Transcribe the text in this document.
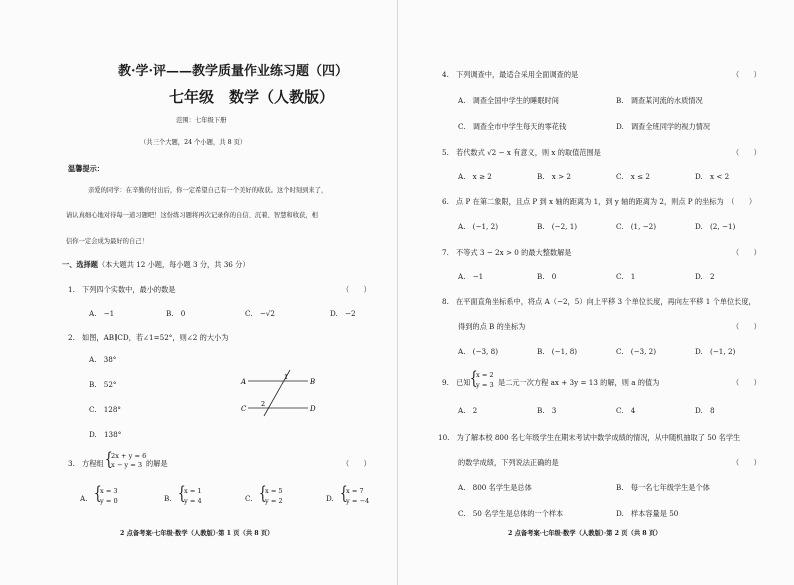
教·学·评——教学质量作业练习题（四）
七年级　数学（人教版）
范围：七年级下册
（共三个大题，24 个小题，共 8 页）
温馨提示：
亲爱的同学：在辛勤的付出后，你一定希望自己有一个美好的收获。这个时刻到来了，
请认真细心地对待每一道习题吧！这份练习题将再次记录你的自信、沉着、智慧和收获，相
信你一定会成为最好的自己！
一、选择题（本大题共 12 小题，每小题 3 分，共 36 分）
1.　下列四个实数中，最小的数是	（　　）
A.　−1	B.　0	C.　−√2	D.　−2
2.　如图，AB∥CD，若∠1=52°，则∠2 的大小为
A.　38°
B.　52°
C.　128°
D.　138°
A	B
C	D
1
2
3.　方程组 {
2x + y = 6
x − y = 3 的解是	（　　）
A. {
x = 3
y = 0	B. {
x = 1
y = 4	C. {
x = 5
y = 2	D. {
x = 7
y = −4
2 点备考案·七年级·数学（人教版）·第 1 页（共 8 页）
4.　下列调查中，最适合采用全面调查的是	（　　）
A.　调查全国中学生的睡眠时间	B.　调查某河流的水质情况
C.　调查全市中学生每天的零花钱	D.　调查全班同学的视力情况
5.　若代数式 √2 − x 有意义，则 x 的取值范围是	（　　）
A.　x ≥ 2	B.　x > 2	C.　x ≤ 2	D.　x < 2
6.　点 P 在第二象限，且点 P 到 x 轴的距离为 1，到 y 轴的距离为 2，则点 P 的坐标为　（　　）
A.　(−1, 2)	B.　(−2, 1)	C.　(1, −2)	D.　(2, −1)
7.　不等式 3 − 2x > 0 的最大整数解是	（　　）
A.　−1	B.　0	C.　1	D.　2
8.　在平面直角坐标系中，将点 A（−2，5）向上平移 3 个单位长度，再向左平移 1 个单位长度，
得到的点 B 的坐标为	（　　）
A.　(−3, 8)	B.　(−1, 8)	C.　(−3, 2)	D.　(−1, 2)
9.　已知 {
x = 2
y = 3 是二元一次方程 ax + 3y = 13 的解，则 a 的值为	（　　）
A.　2	B.　3	C.　4	D.　8
10.　为了解本校 800 名七年级学生在期末考试中数学成绩的情况，从中随机抽取了 50 名学生
的数学成绩，下列说法正确的是	（　　）
A.　800 名学生是总体	B.　每一名七年级学生是个体
C.　50 名学生是总体的一个样本	D.　样本容量是 50
2 点备考案·七年级·数学（人教版）·第 2 页（共 8 页）
